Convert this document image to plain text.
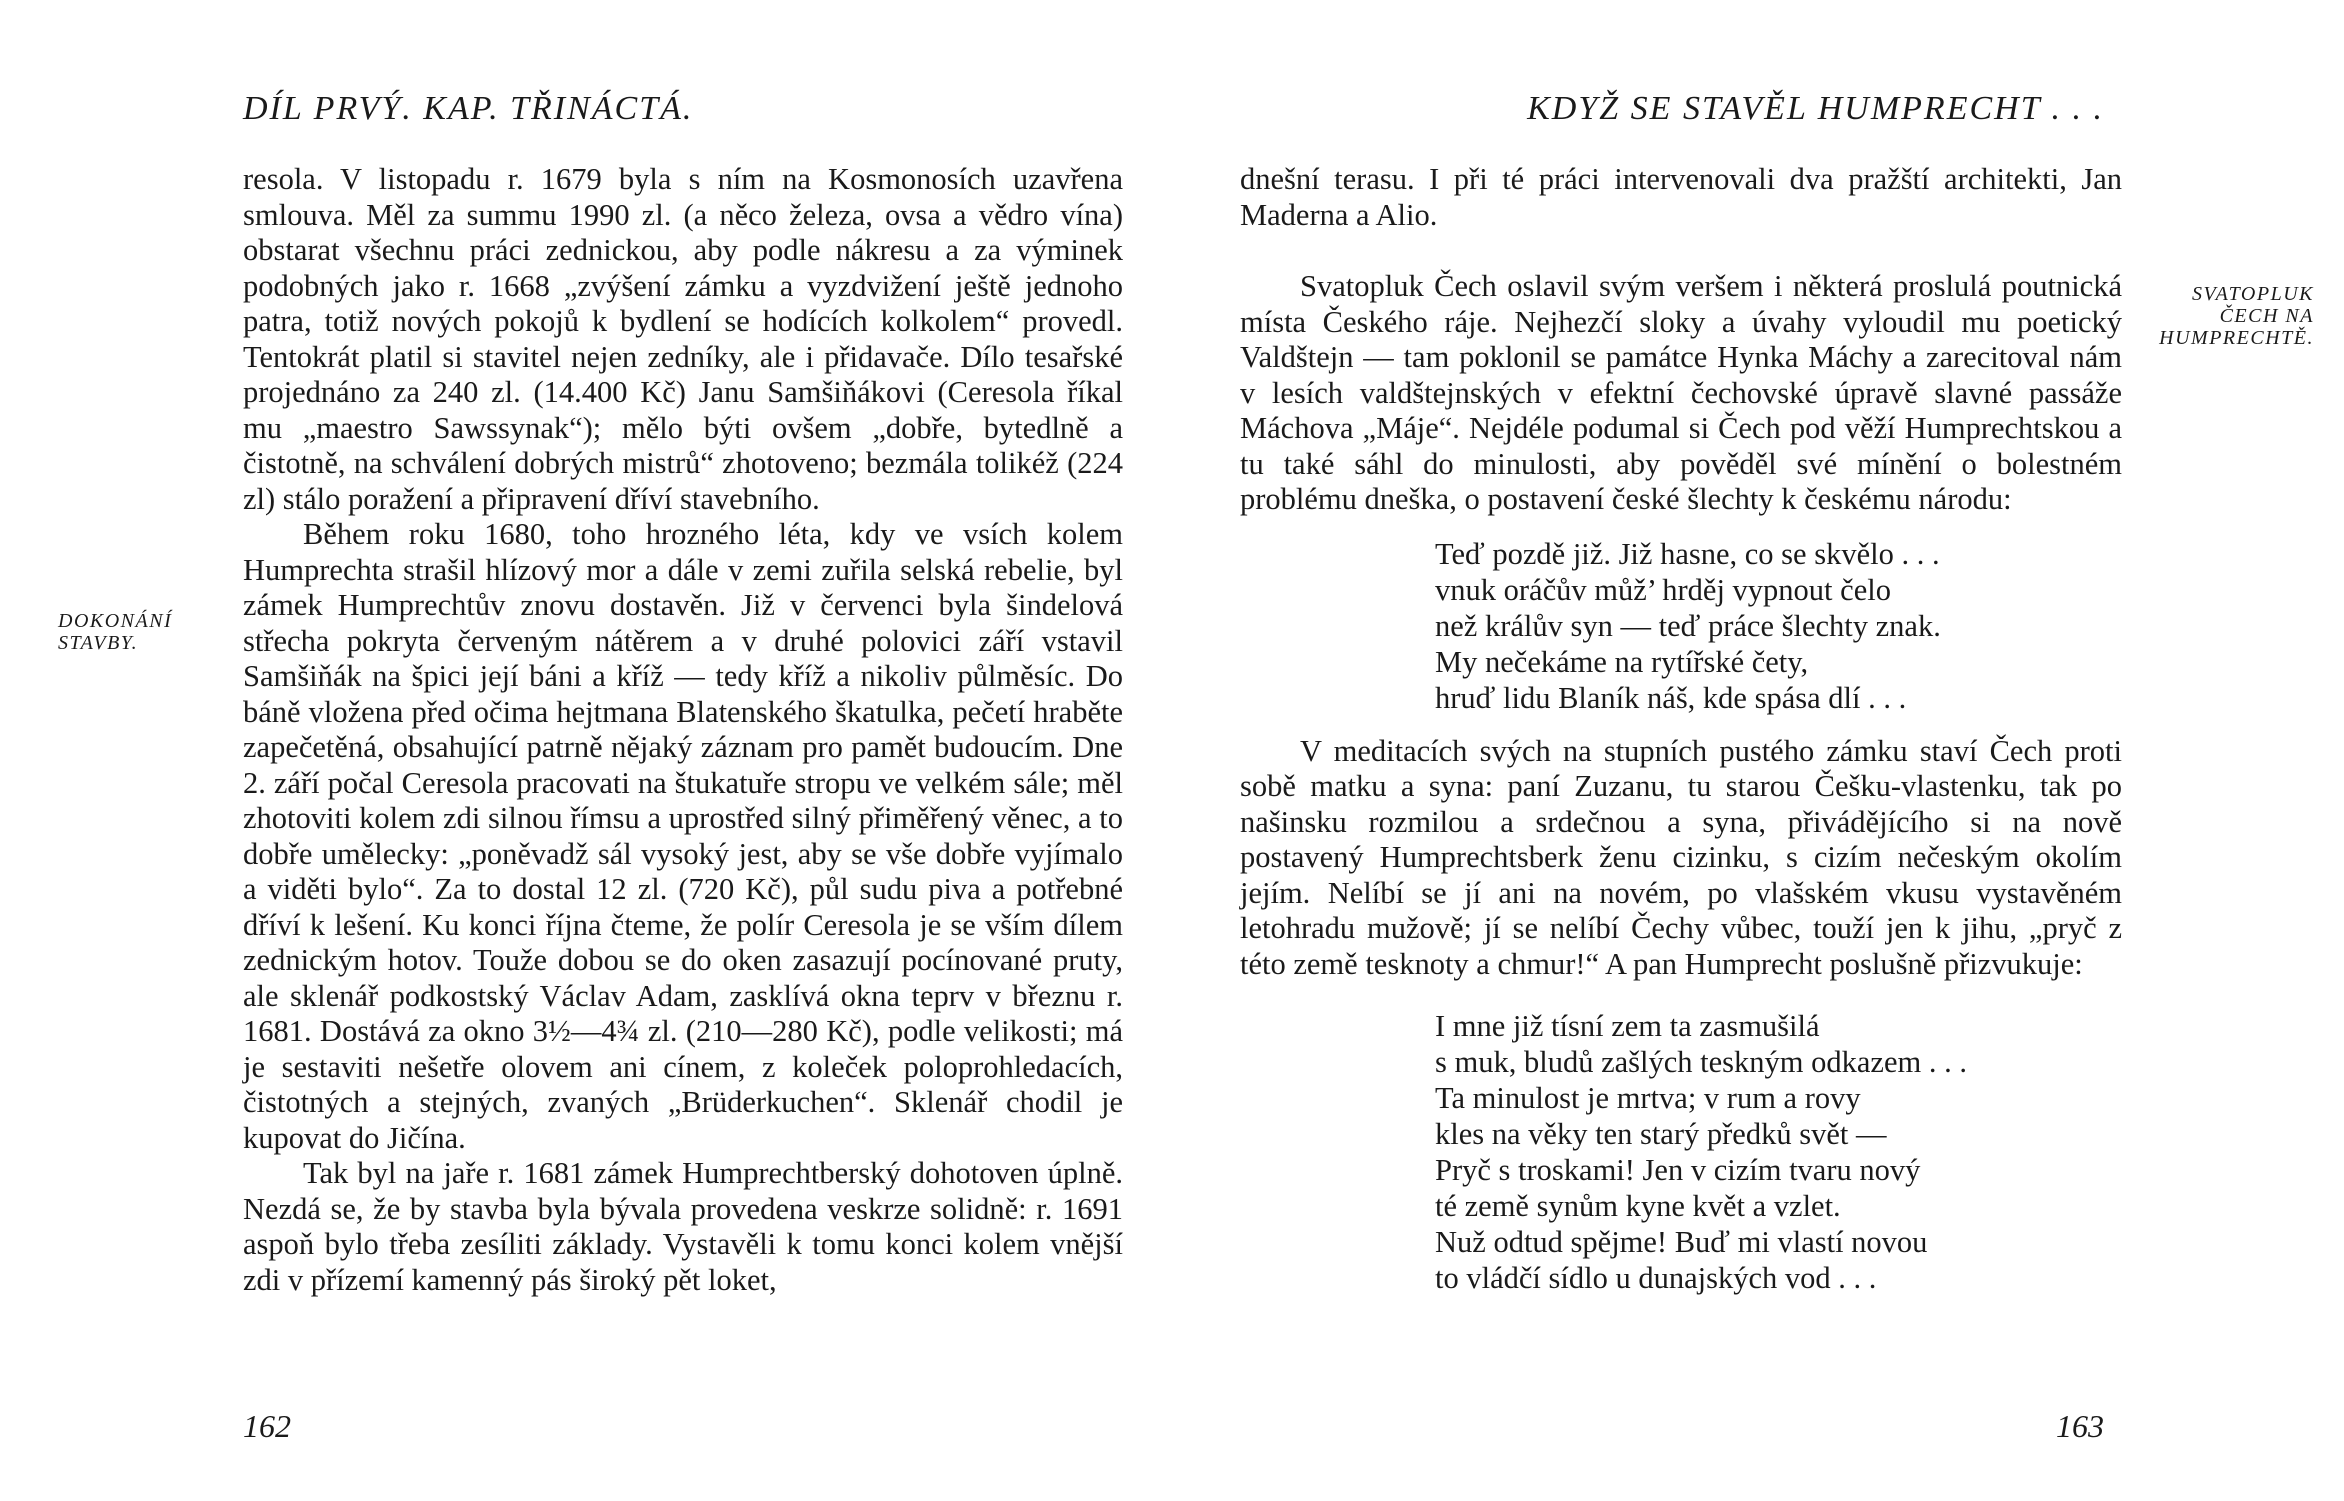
DÍL PRVÝ. KAP. TŘINÁCTÁ.
DOKONÁNÍ
STAVBY.

resola. V listopadu r. 1679 byla s ním na Kosmonosích uzavřena smlouva. Měl za summu 1990 zl. (a něco železa, ovsa a vědro vína) obstarat všechnu práci zednickou, aby podle nákresu a za výminek podobných jako r. 1668 „zvýšení zámku a vyzdvižení ještě jednoho patra, totiž nových pokojů k bydlení se hodících kolkolem“ provedl. Tentokrát platil si stavitel nejen zedníky, ale i přidavače. Dílo tesařské projednáno za 240 zl. (14.400 Kč) Janu Samšiňákovi (Ceresola říkal mu „maestro Sawssynak“); mělo býti ovšem „dobře, bytedlně a čistotně, na schválení dobrých mistrů“ zhotoveno; bezmála tolikéž (224 zl) stálo poražení a připravení dříví stavebního.

Během roku 1680, toho hrozného léta, kdy ve vsích kolem Humprechta strašil hlízový mor a dále v zemi zuřila selská rebelie, byl zámek Humprechtův znovu dostavěn. Již v červenci byla šindelová střecha pokryta červeným nátěrem a v druhé polovici září vstavil Samšiňák na špici její báni a kříž — tedy kříž a nikoliv půlměsíc. Do báně vložena před očima hejtmana Blatenského škatulka, pečetí hraběte zapečetěná, obsahující patrně nějaký záznam pro pamět budoucím. Dne 2. září počal Ceresola pracovati na štukatuře stropu ve velkém sále; měl zhotoviti kolem zdi silnou římsu a uprostřed silný přiměřený věnec, a to dobře umělecky: „poněvadž sál vysoký jest, aby se vše dobře vyjímalo a viděti bylo“. Za to dostal 12 zl. (720 Kč), půl sudu piva a potřebné dříví k lešení. Ku konci října čteme, že polír Ceresola je se vším dílem zednickým hotov. Touže dobou se do oken zasazují pocínované pruty, ale sklenář podkostský Václav Adam, zasklívá okna teprv v březnu r. 1681. Dostává za okno 3½—4¾ zl. (210—280 Kč), podle velikosti; má je sestaviti nešetře olovem ani cínem, z koleček poloprohledacích, čistotných a stejných, zvaných „Brüderkuchen“. Sklenář chodil je kupovat do Jičína.

Tak byl na jaře r. 1681 zámek Humprechtberský dohotoven úplně. Nezdá se, že by stavba byla bývala provedena veskrze solidně: r. 1691 aspoň bylo třeba zesíliti základy. Vystavěli k tomu konci kolem vnější zdi v přízemí kamenný pás široký pět loket,

162
KDYŽ SE STAVĚL HUMPRECHT . . .
SVATOPLUK
ČECH NA
HUMPRECHTĚ.

dnešní terasu. I při té práci intervenovali dva pražští architekti, Jan Maderna a Alio.

Svatopluk Čech oslavil svým veršem i některá proslulá poutnická místa Českého ráje. Nejhezčí sloky a úvahy vyloudil mu poetický Valdštejn — tam poklonil se památce Hynka Máchy a zarecitoval nám v lesích valdštejnských v efektní čechovské úpravě slavné passáže Máchova „Máje“. Nejdéle podumal si Čech pod věží Humprechtskou a tu také sáhl do minulosti, aby pověděl své mínění o bolestném problému dneška, o postavení české šlechty k českému národu:

Teď pozdě již. Již hasne, co se skvělo . . .
vnuk oráčův můž’ hrděj vypnout čelo
než králův syn — teď práce šlechty znak.
My nečekáme na rytířské čety,
hruď lidu Blaník náš, kde spása dlí . . .

V meditacích svých na stupních pustého zámku staví Čech proti sobě matku a syna: paní Zuzanu, tu starou Češku-vlastenku, tak po našinsku rozmilou a srdečnou a syna, přivádějícího si na nově postavený Humprechtsberk ženu cizinku, s cizím nečeským okolím jejím. Nelíbí se jí ani na novém, po vlašském vkusu vystavěném letohradu mužově; jí se nelíbí Čechy vůbec, touží jen k jihu, „pryč z této země tesknoty a chmur!“ A pan Humprecht poslušně přizvukuje:

I mne již tísní zem ta zasmušilá
s muk, bludů zašlých teskným odkazem . . .
Ta minulost je mrtva; v rum a rovy
kles na věky ten starý předků svět —
Pryč s troskami! Jen v cizím tvaru nový
té země synům kyne květ a vzlet.
Nuž odtud spějme! Buď mi vlastí novou
to vládčí sídlo u dunajských vod . . .

163
